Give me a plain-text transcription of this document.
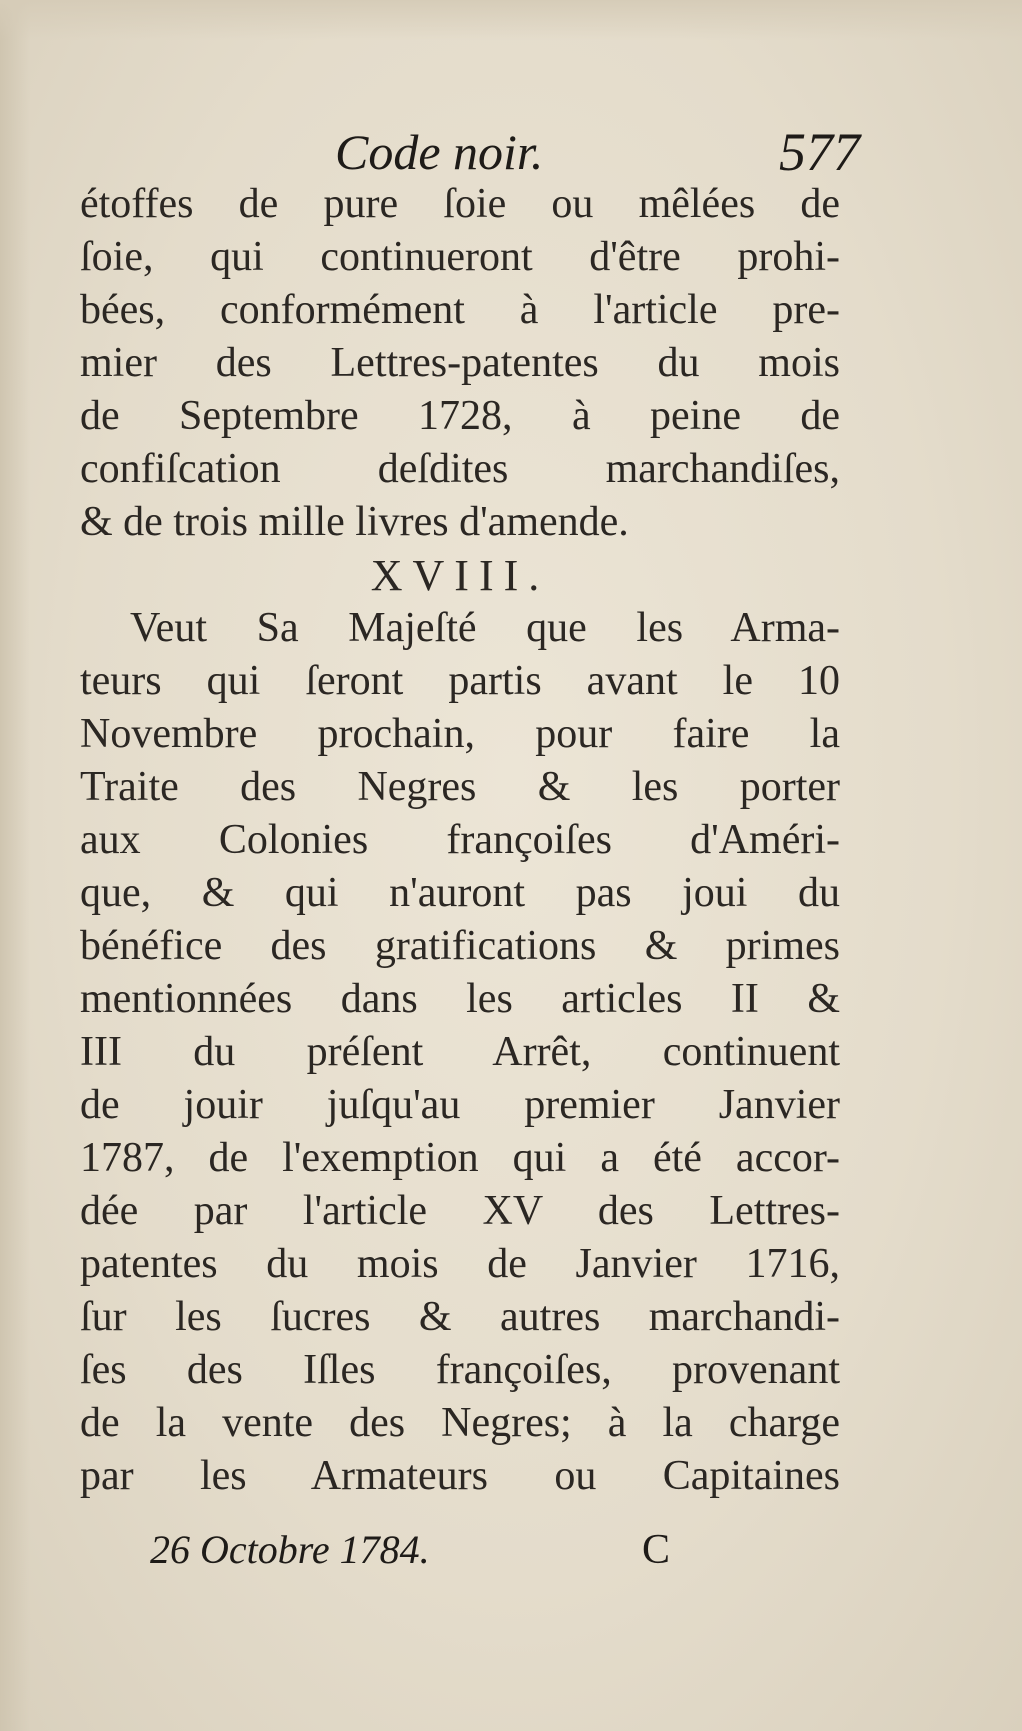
Code noir.	577
étoffes de pure ſoie ou mêlées de
ſoie, qui continueront d'être prohi-
bées, conformément à l'article pre-
mier des Lettres-patentes du mois
de Septembre 1728, à peine de
confiſcation deſdites marchandiſes,
& de trois mille livres d'amende.
XVIII.
Veut Sa Majeſté que les Arma-
teurs qui ſeront partis avant le 10
Novembre prochain, pour faire la
Traite des Negres & les porter
aux Colonies françoiſes d'Améri-
que, & qui n'auront pas joui du
bénéfice des gratifications & primes
mentionnées dans les articles II &
III du préſent Arrêt, continuent
de jouir juſqu'au premier Janvier
1787, de l'exemption qui a été accor-
dée par l'article XV des Lettres-
patentes du mois de Janvier 1716,
ſur les ſucres & autres marchandi-
ſes des Iſles françoiſes, provenant
de la vente des Negres; à la charge
par les Armateurs ou Capitaines
26 Octobre 1784.	C
